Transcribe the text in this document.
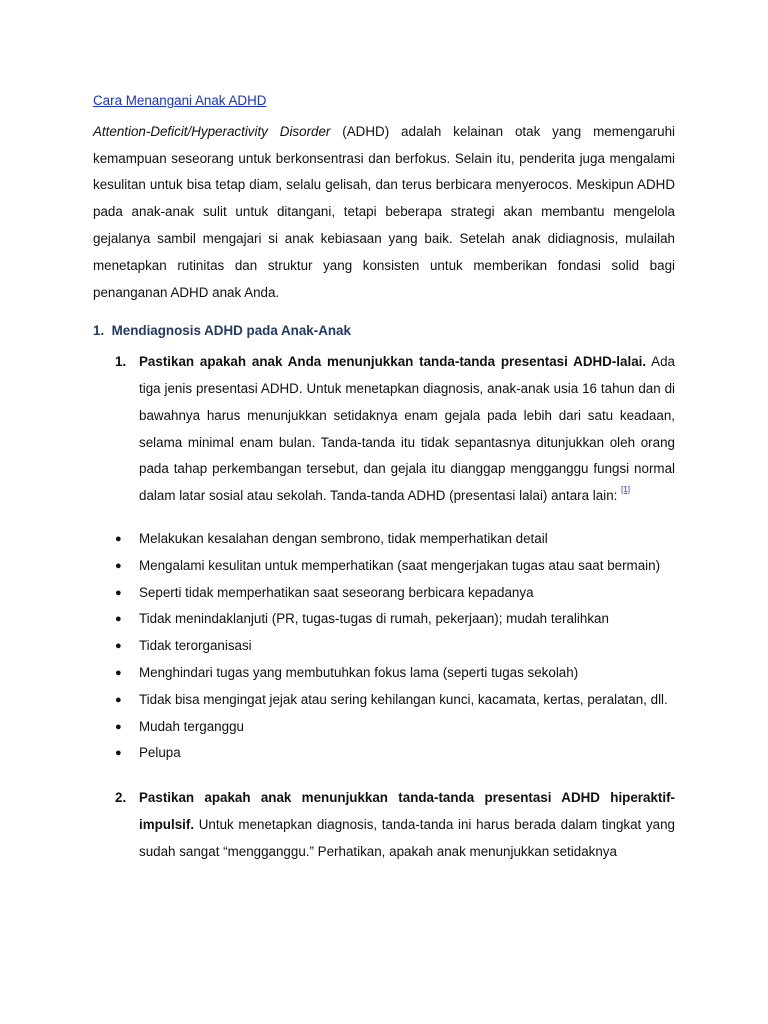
Cara Menangani Anak ADHD

Attention-Deficit/Hyperactivity Disorder (ADHD) adalah kelainan otak yang memengaruhi kemampuan seseorang untuk berkonsentrasi dan berfokus. Selain itu, penderita juga mengalami kesulitan untuk bisa tetap diam, selalu gelisah, dan terus berbicara menyerocos. Meskipun ADHD pada anak-anak sulit untuk ditangani, tetapi beberapa strategi akan membantu mengelola gejalanya sambil mengajari si anak kebiasaan yang baik. Setelah anak didiagnosis, mulailah menetapkan rutinitas dan struktur yang konsisten untuk memberikan fondasi solid bagi penanganan ADHD anak Anda.

1. Mendiagnosis ADHD pada Anak-Anak
1. Pastikan apakah anak Anda menunjukkan tanda-tanda presentasi ADHD-lalai. Ada tiga jenis presentasi ADHD. Untuk menetapkan diagnosis, anak-anak usia 16 tahun dan di bawahnya harus menunjukkan setidaknya enam gejala pada lebih dari satu keadaan, selama minimal enam bulan. Tanda-tanda itu tidak sepantasnya ditunjukkan oleh orang pada tahap perkembangan tersebut, dan gejala itu dianggap mengganggu fungsi normal dalam latar sosial atau sekolah. Tanda-tanda ADHD (presentasi lalai) antara lain: [1]

● Melakukan kesalahan dengan sembrono, tidak memperhatikan detail
● Mengalami kesulitan untuk memperhatikan (saat mengerjakan tugas atau saat bermain)
● Seperti tidak memperhatikan saat seseorang berbicara kepadanya
● Tidak menindaklanjuti (PR, tugas-tugas di rumah, pekerjaan); mudah teralihkan
● Tidak terorganisasi
● Menghindari tugas yang membutuhkan fokus lama (seperti tugas sekolah)
● Tidak bisa mengingat jejak atau sering kehilangan kunci, kacamata, kertas, peralatan, dll.
● Mudah terganggu
● Pelupa
2. Pastikan apakah anak menunjukkan tanda-tanda presentasi ADHD hiperaktif-impulsif. Untuk menetapkan diagnosis, tanda-tanda ini harus berada dalam tingkat yang sudah sangat “mengganggu.” Perhatikan, apakah anak menunjukkan setidaknya
